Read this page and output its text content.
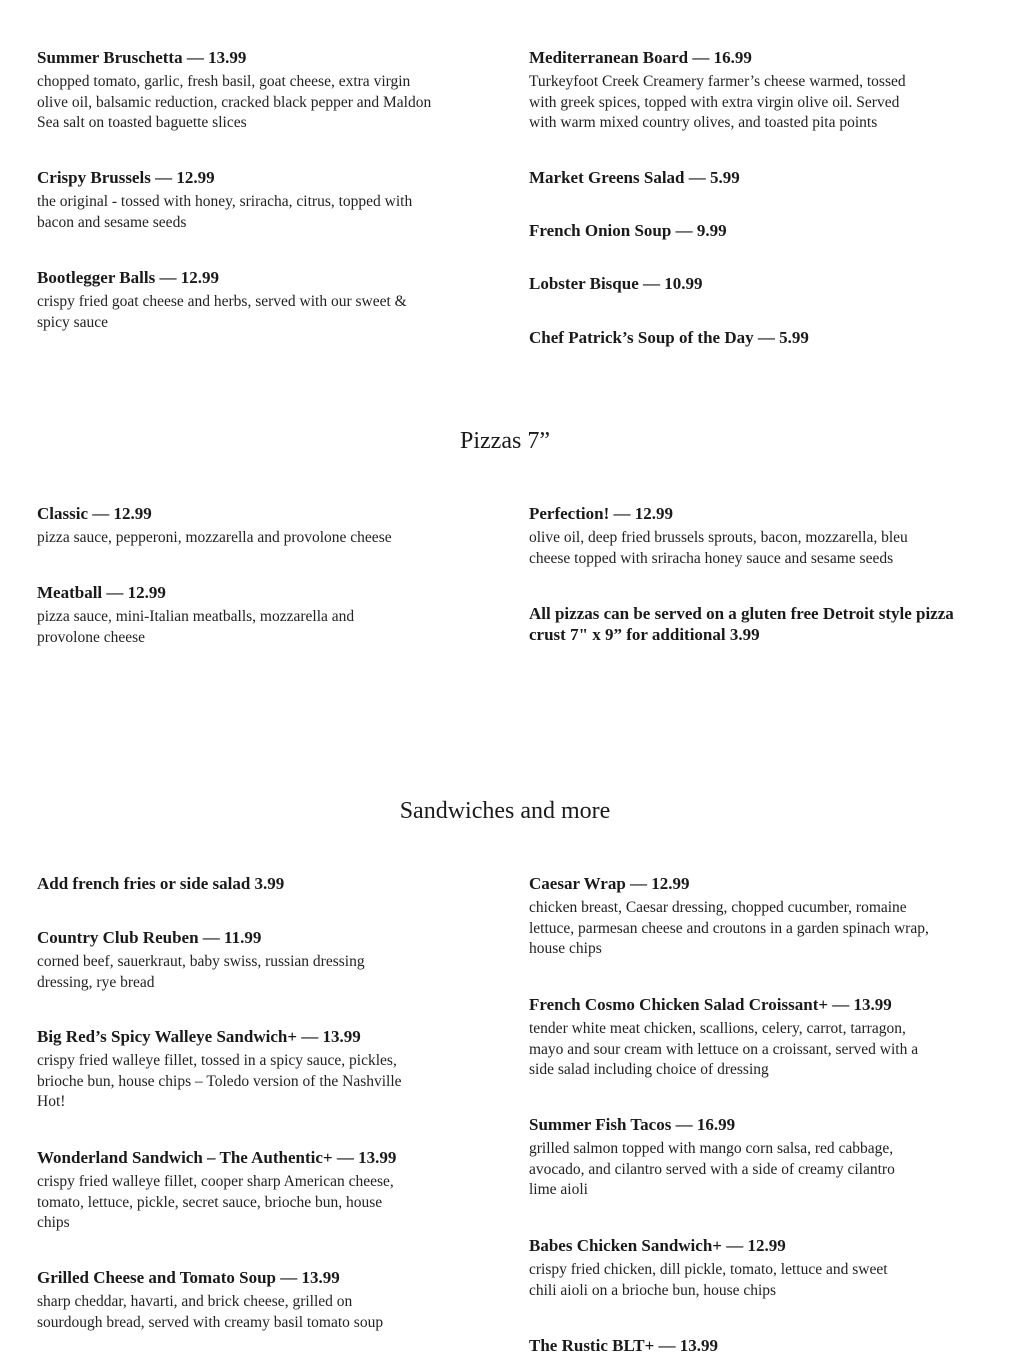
Summer Bruschetta — 13.99

chopped tomato, garlic, fresh basil, goat cheese, extra virgin olive oil, balsamic reduction, cracked black pepper and Maldon Sea salt on toasted baguette slices

Crispy Brussels — 12.99

the original - tossed with honey, sriracha, citrus, topped with bacon and sesame seeds

Bootlegger Balls — 12.99

crispy fried goat cheese and herbs, served with our sweet & spicy sauce

Mediterranean Board — 16.99

Turkeyfoot Creek Creamery farmer’s cheese warmed, tossed with greek spices, topped with extra virgin olive oil. Served with warm mixed country olives, and toasted pita points

Market Greens Salad — 5.99

French Onion Soup — 9.99

Lobster Bisque — 10.99

Chef Patrick’s Soup of the Day — 5.99

Pizzas 7”

Classic — 12.99

pizza sauce, pepperoni, mozzarella and provolone cheese

Meatball — 12.99

pizza sauce, mini-Italian meatballs, mozzarella and provolone cheese

Perfection! — 12.99

olive oil, deep fried brussels sprouts, bacon, mozzarella, bleu cheese topped with sriracha honey sauce and sesame seeds

All pizzas can be served on a gluten free Detroit style pizza crust 7" x 9” for additional 3.99

Sandwiches and more

Add french fries or side salad 3.99

Country Club Reuben — 11.99

corned beef, sauerkraut, baby swiss, russian dressing dressing, rye bread

Big Red’s Spicy Walleye Sandwich+ — 13.99

crispy fried walleye fillet, tossed in a spicy sauce, pickles, brioche bun, house chips – Toledo version of the Nashville Hot!

Wonderland Sandwich – The Authentic+ — 13.99

crispy fried walleye fillet, cooper sharp American cheese, tomato, lettuce, pickle, secret sauce, brioche bun, house chips

Grilled Cheese and Tomato Soup — 13.99

sharp cheddar, havarti, and brick cheese, grilled on sourdough bread, served with creamy basil tomato soup

Caesar Wrap — 12.99

chicken breast, Caesar dressing, chopped cucumber, romaine lettuce, parmesan cheese and croutons in a garden spinach wrap, house chips

French Cosmo Chicken Salad Croissant+ — 13.99

tender white meat chicken, scallions, celery, carrot, tarragon, mayo and sour cream with lettuce on a croissant, served with a side salad including choice of dressing

Summer Fish Tacos — 16.99

grilled salmon topped with mango corn salsa, red cabbage, avocado, and cilantro served with a side of creamy cilantro lime aioli

Babes Chicken Sandwich+ — 12.99

crispy fried chicken, dill pickle, tomato, lettuce and sweet chili aioli on a brioche bun, house chips

The Rustic BLT+ — 13.99
